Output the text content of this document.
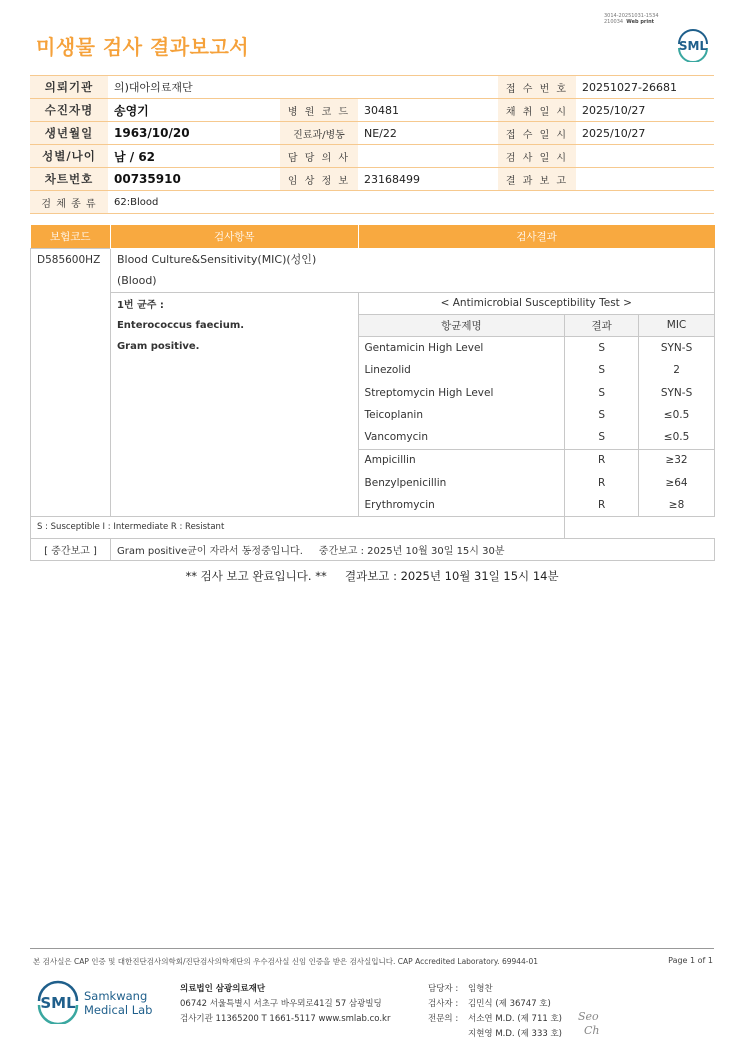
3014-20251031-1534
210034 Web print
미생물 검사 결과보고서	SML
의뢰기관	의)대아의료재단			접 수 번 호	20251027-26681
수진자명	송영기	병 원 코 드	30481	채 취 일 시	2025/10/27
생년월일	1963/10/20	진료과/병동	NE/22	접 수 일 시	2025/10/27
성별/나이	남 / 62	담 당 의 사		검 사 일 시	
차트번호	00735910	임 상 정 보	23168499	결 과 보 고	
검 체 종 류	62:Blood				
보험코드	검사항목	검사결과		
D585600HZ	Blood Culture&Sensitivity(MIC)(성인)			
	(Blood)			
	1번 균주 :	< Antimicrobial Susceptibility Test >		
	Enterococcus faecium.	항균제명	결과	MIC
	Gram positive.	Gentamicin High Level	S	SYN-S
		Linezolid	S	2
		Streptomycin High Level	S	SYN-S
		Teicoplanin	S	≤0.5
		Vancomycin	S	≤0.5
		Ampicillin	R	≥32
		Benzylpenicillin	R	≥64
		Erythromycin	R	≥8
S : Susceptible I : Intermediate R : Resistant				
[ 중간보고 ]	Gram positive균이 자라서 동정중입니다.     중간보고 : 2025년 10월 30일 15시 30분			
** 검사 보고 완료입니다. **     결과보고 : 2025년 10월 31일 15시 14분
본 검사실은 CAP 인증 및 대한진단검사의학회/진단검사의학재단의 우수검사실 신임 인증을 받은 검사실입니다. CAP Accredited Laboratory. 69944-01	Page 1 of 1
SML Samkwang
Medical Lab
의료법인 삼광의료재단
06742 서울특별시 서초구 바우뫼로41길 57 삼광빌딩
검사기관 11365200 T 1661-5117 www.smlab.co.kr
담당자 :	임형찬
검사자 :	김민식 (제 36747 호)
전문의 :	서소연 M.D. (제 711 호)
지현영 M.D. (제 333 호)
Seo
Ch
